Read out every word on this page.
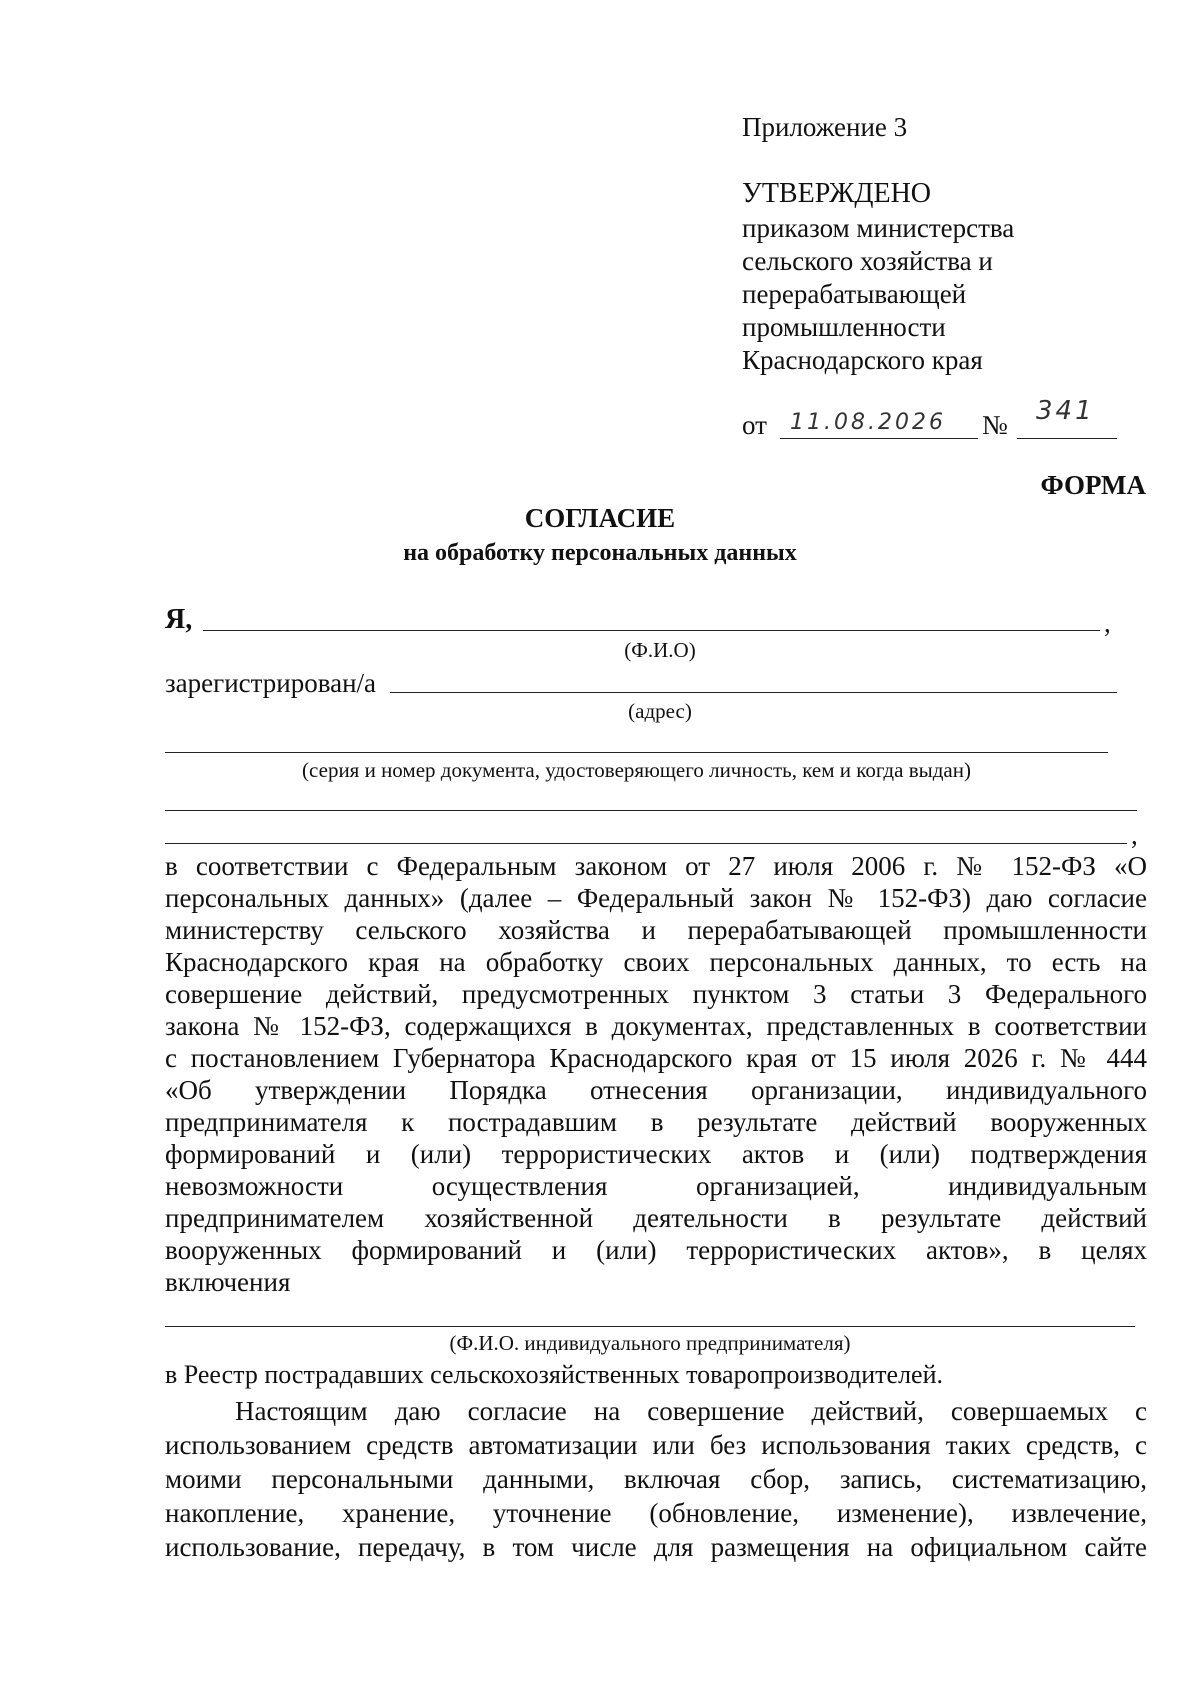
Приложение 3
УТВЕРЖДЕНО
приказом министерства
сельского хозяйства и
перерабатывающей
промышленности
Краснодарского края
от 11.08.2026 № 341
ФОРМА
СОГЛАСИЕ
на обработку персональных данных
Я,	,
(Ф.И.О)
зарегистрирован/а
(адрес)
(серия и номер документа, удостоверяющего личность, кем и когда выдан)
,
в соответствии с Федеральным законом от 27 июля 2006 г. № 152-ФЗ «О
персональных данных» (далее – Федеральный закон № 152-ФЗ) даю согласие
министерству сельского хозяйства и перерабатывающей промышленности
Краснодарского края на обработку своих персональных данных, то есть на
совершение действий, предусмотренных пунктом 3 статьи 3 Федерального
закона № 152-ФЗ, содержащихся в документах, представленных в соответствии
с постановлением Губернатора Краснодарского края от 15 июля 2026 г. № 444
«Об утверждении Порядка отнесения организации, индивидуального
предпринимателя к пострадавшим в результате действий вооруженных
формирований и (или) террористических актов и (или) подтверждения
невозможности осуществления организацией, индивидуальным
предпринимателем хозяйственной деятельности в результате действий
вооруженных формирований и (или) террористических актов», в целях
включения
(Ф.И.О. индивидуального предпринимателя)
в Реестр пострадавших сельскохозяйственных товаропроизводителей.
Настоящим даю согласие на совершение действий, совершаемых с
использованием средств автоматизации или без использования таких средств, с
моими персональными данными, включая сбор, запись, систематизацию,
накопление, хранение, уточнение (обновление, изменение), извлечение,
использование, передачу, в том числе для размещения на официальном сайте
